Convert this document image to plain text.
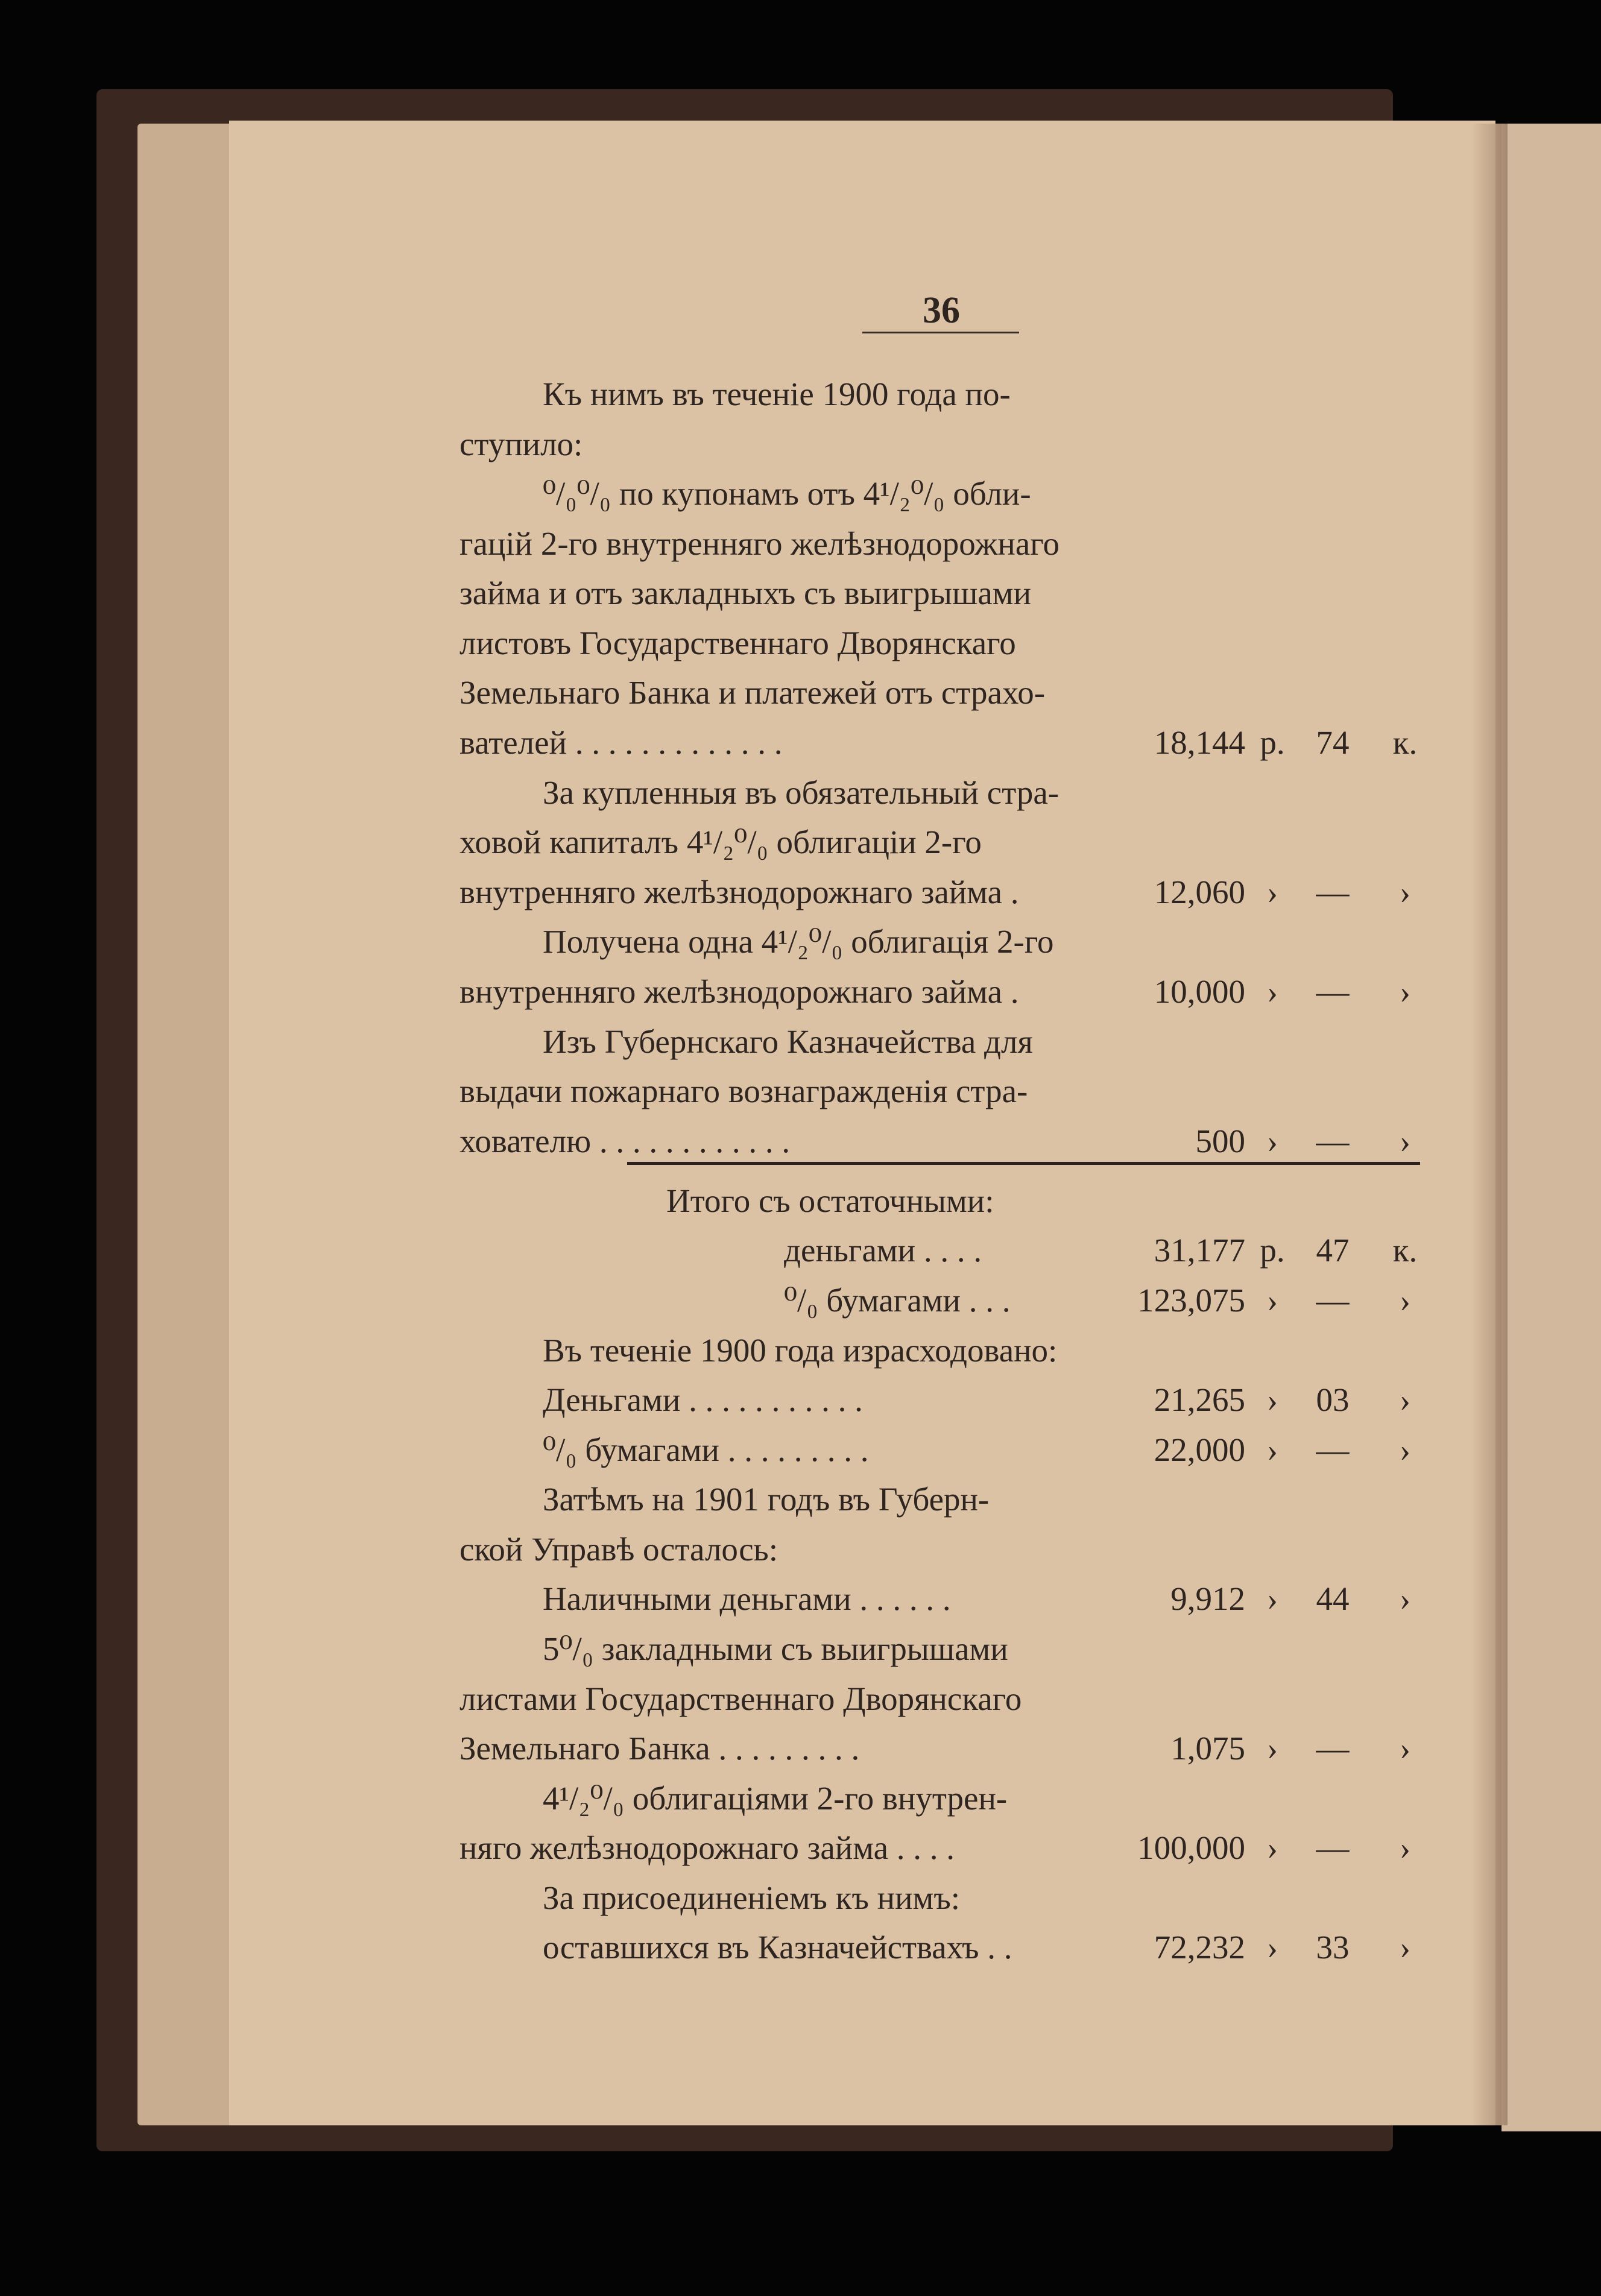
36
Къ нимъ въ теченіе 1900 года по-
ступило:
⁰/₀⁰/₀ по купонамъ отъ 4¹/₂⁰/₀ обли-
гацій 2-го внутренняго желѣзнодорожнаго
займа и отъ закладныхъ съ выигрышами
листовъ Государственнаго Дворянскаго
Земельнаго Банка и платежей отъ страхо-
вателей . . . . . . . . . . . . .	18,144 р. 74 к.
За купленныя въ обязательный стра-
ховой капиталъ 4¹/₂⁰/₀ облигаціи 2-го
внутренняго желѣзнодорожнаго займа .	12,060 ›	—	›
Получена одна 4¹/₂⁰/₀ облигація 2-го
внутренняго желѣзнодорожнаго займа .	10,000 ›	—	›
Изъ Губернскаго Казначейства для
выдачи пожарнаго вознагражденія стра-
хователю . . . . . . . . . . . .	500 ›	—	›
Итого съ остаточными:
деньгами . . . .	31,177 р. 47 к.
⁰/₀ бумагами . . .	123,075 ›	—	›
Въ теченіе 1900 года израсходовано:
Деньгами . . . . . . . . . . .	21,265 ›	03	›
⁰/₀ бумагами . . . . . . . . .	22,000 ›	—	›
Затѣмъ на 1901 годъ въ Губерн-
ской Управѣ осталось:
Наличными деньгами . . . . . .	9,912 ›	44	›
5⁰/₀ закладными съ выигрышами
листами Государственнаго Дворянскаго
Земельнаго Банка . . . . . . . . .	1,075 ›	—	›
4¹/₂⁰/₀ облигаціями 2-го внутрен-
няго желѣзнодорожнаго займа . . . .	100,000 ›	—	›
За присоединеніемъ къ нимъ:
оставшихся въ Казначействахъ . .	72,232 ›	33	›
